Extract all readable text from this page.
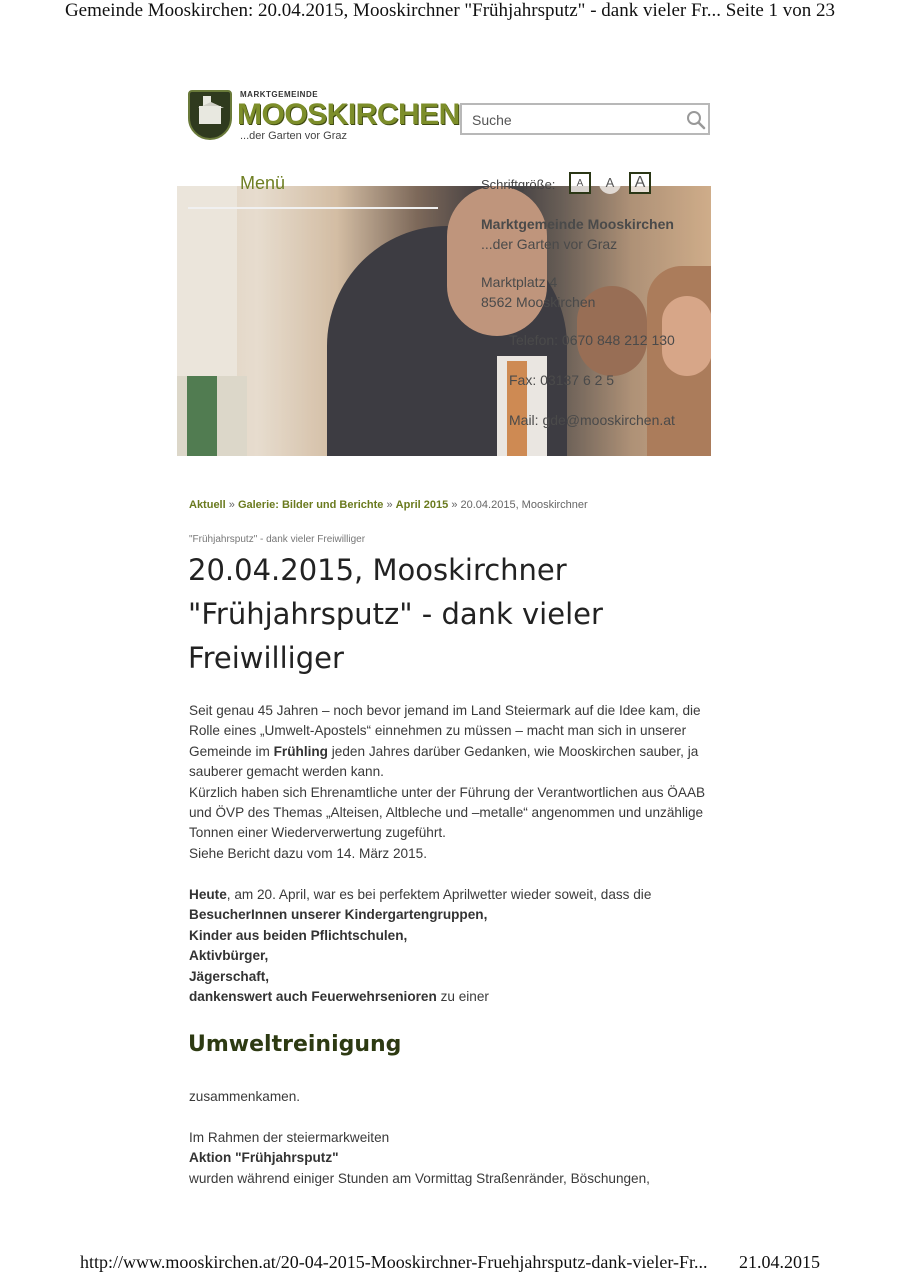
Gemeinde Mooskirchen: 20.04.2015, Mooskirchner "Frühjahrsputz" - dank vieler Fr... Seite 1 von 23
MARKTGEMEINDE
MOOSKIRCHEN
...der Garten vor Graz
Suche
Menü	Schriftgröße:	A	A	A
Marktgemeinde Mooskirchen
...der Garten vor Graz
Marktplatz 4
8562 Mooskirchen
Telefon: 0670 848 212 130
Fax: 03137 6 2 5
Mail: gde@mooskirchen.at
Aktuell » Galerie: Bilder und Berichte » April 2015 » 20.04.2015, Mooskirchner
"Frühjahrsputz" - dank vieler Freiwilliger
20.04.2015, Mooskirchner "Frühjahrsputz" - dank vieler Freiwilliger

Seit genau 45 Jahren – noch bevor jemand im Land Steiermark auf die Idee kam, die Rolle eines „Umwelt-Apostels“ einnehmen zu müssen – macht man sich in unserer Gemeinde im Frühling jeden Jahres darüber Gedanken, wie Mooskirchen sauber, ja sauberer gemacht werden kann.
Kürzlich haben sich Ehrenamtliche unter der Führung der Verantwortlichen aus ÖAAB und ÖVP des Themas „Alteisen, Altbleche und –metalle“ angenommen und unzählige Tonnen einer Wiederverwertung zugeführt.
Siehe Bericht dazu vom 14. März 2015.

Heute, am 20. April, war es bei perfektem Aprilwetter wieder soweit, dass die
BesucherInnen unserer Kindergartengruppen,
Kinder aus beiden Pflichtschulen,
Aktivbürger,
Jägerschaft,
dankenswert auch Feuerwehrsenioren zu einer

Umweltreinigung
zusammenkamen.

Im Rahmen der steiermarkweiten
Aktion "Frühjahrsputz"
wurden während einiger Stunden am Vormittag Straßenränder, Böschungen,

http://www.mooskirchen.at/20-04-2015-Mooskirchner-Fruehjahrsputz-dank-vieler-Fr... 21.04.2015
